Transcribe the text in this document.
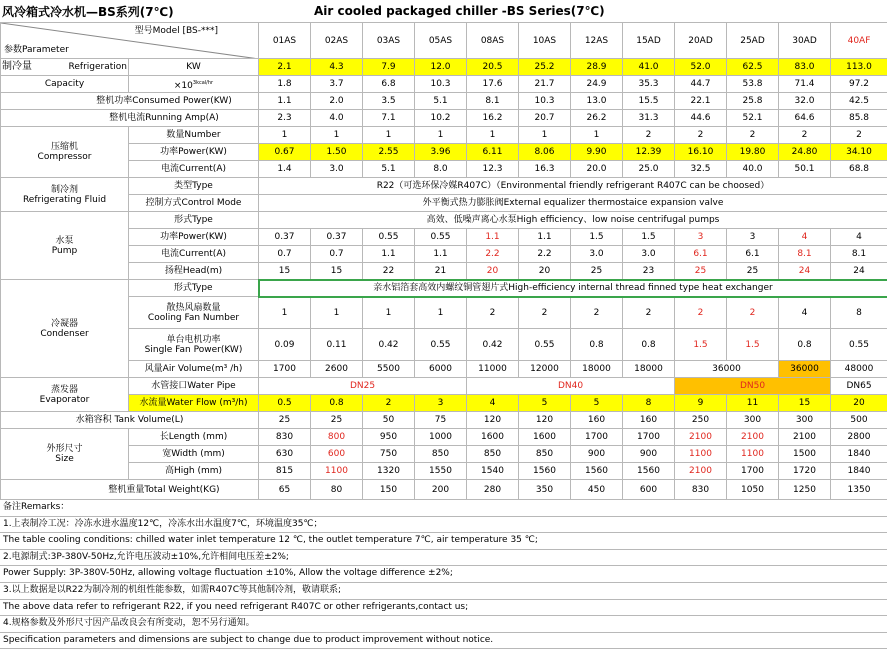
风冷箱式冷水机—BS系列(7℃)	Air cooled packaged chiller -BS Series(7℃)
型号Model [BS-***]
参数Parameter		01AS	02AS	03AS	05AS	08AS	10AS	12AS	15AD	20AD	25AD	30AD	40AF

制冷量 Refrigeration	KW	2.1	4.3	7.9	12.0	20.5	25.2	28.9	41.0	52.0	62.5	83.0	113.0
Capacity	$\times 10^{3kcal/hr}$	1.8	3.7	6.8	10.3	17.6	21.7	24.9	35.3	44.7	53.8	71.4	97.2
整机功率Consumed Power(KW)		1.1	2.0	3.5	5.1	8.1	10.3	13.0	15.5	22.1	25.8	32.0	42.5
整机电流Running Amp(A)		2.3	4.0	7.1	10.2	16.2	20.7	26.2	31.3	44.6	52.1	64.6	85.8

压缩机
Compressor	数量Number	1	1	1	1	1	1	1	2	2	2	2	2
	功率Power(KW)	0.67	1.50	2.55	3.96	6.11	8.06	9.90	12.39	16.10	19.80	24.80	34.10
	电流Current(A)	1.4	3.0	5.1	8.0	12.3	16.3	20.0	25.0	32.5	40.0	50.1	68.8

制冷剂
Refrigerating Fluid	类型Type	R22（可选环保冷媒R407C）（Environmental friendly refrigerant R407C can be choosed）											
	控制方式Control Mode	外平衡式热力膨胀阀External equalizer thermostaice expansion valve											

水泵
Pump	形式Type	高效、低噪声离心水泵High efficiency、low noise centrifugal pumps											
	功率Power(KW)	0.37	0.37	0.55	0.55	1.1	1.1	1.5	1.5	3	3	4	4
	电流Current(A)	0.7	0.7	1.1	1.1	2.2	2.2	3.0	3.0	6.1	6.1	8.1	8.1
	扬程Head(m)	15	15	22	21	20	20	25	23	25	25	24	24

冷凝器
Condenser	形式Type	亲水铝箔套高效内螺纹铜管翅片式High-efficiency internal thread finned type heat exchanger											

	散热风扇数量
Cooling Fan Number	1	1	1	1	2	2	2	2	2	2	4	8

	单台电机功率
Single Fan Power(KW)	0.09	0.11	0.42	0.55	0.42	0.55	0.8	0.8	1.5	1.5	0.8	0.55
	风量Air Volume(m³ /h)	1700	2600	5500	6000	11000	12000	18000	18000	36000		36000	48000

蒸发器
Evaporator	水管接口Water Pipe	DN25				DN40				DN50			DN65
	水流量Water Flow (m³/h)	0.5	0.8	2	3	4	5	5	8	9	11	15	20
水箱容积 Tank Volume(L)		25	25	50	75	120	120	160	160	250	300	300	500

外形尺寸
Size	长Length (mm)	830	800	950	1000	1600	1600	1700	1700	2100	2100	2100	2800
	宽Width (mm)	630	600	750	850	850	850	900	900	1100	1100	1500	1840
	高High (mm)	815	1100	1320	1550	1540	1560	1560	1560	2100	1700	1720	1840
整机重量Total Weight(KG)		65	80	150	200	280	350	450	600	830	1050	1250	1350
备注Remarks：
1.上表制冷工况：冷冻水进水温度12℃，冷冻水出水温度7℃，环境温度35℃；
The table cooling conditions: chilled water inlet temperature 12 ℃, the outlet temperature 7℃, air temperature 35 ℃;
2.电源制式:3P-380V-50Hz,允许电压波动±10%,允许相间电压差±2%;
Power Supply: 3P-380V-50Hz, allowing voltage fluctuation ±10%, Allow the voltage difference ±2%;
3.以上数据是以R22为制冷剂的机组性能参数，如需R407C等其他制冷剂，敬请联系;
The above data refer to refrigerant R22, if you need refrigerant R407C or other refrigerants,contact us;
4.规格参数及外形尺寸因产品改良会有所变动，恕不另行通知。
Specification parameters and dimensions are subject to change due to product improvement without notice.
